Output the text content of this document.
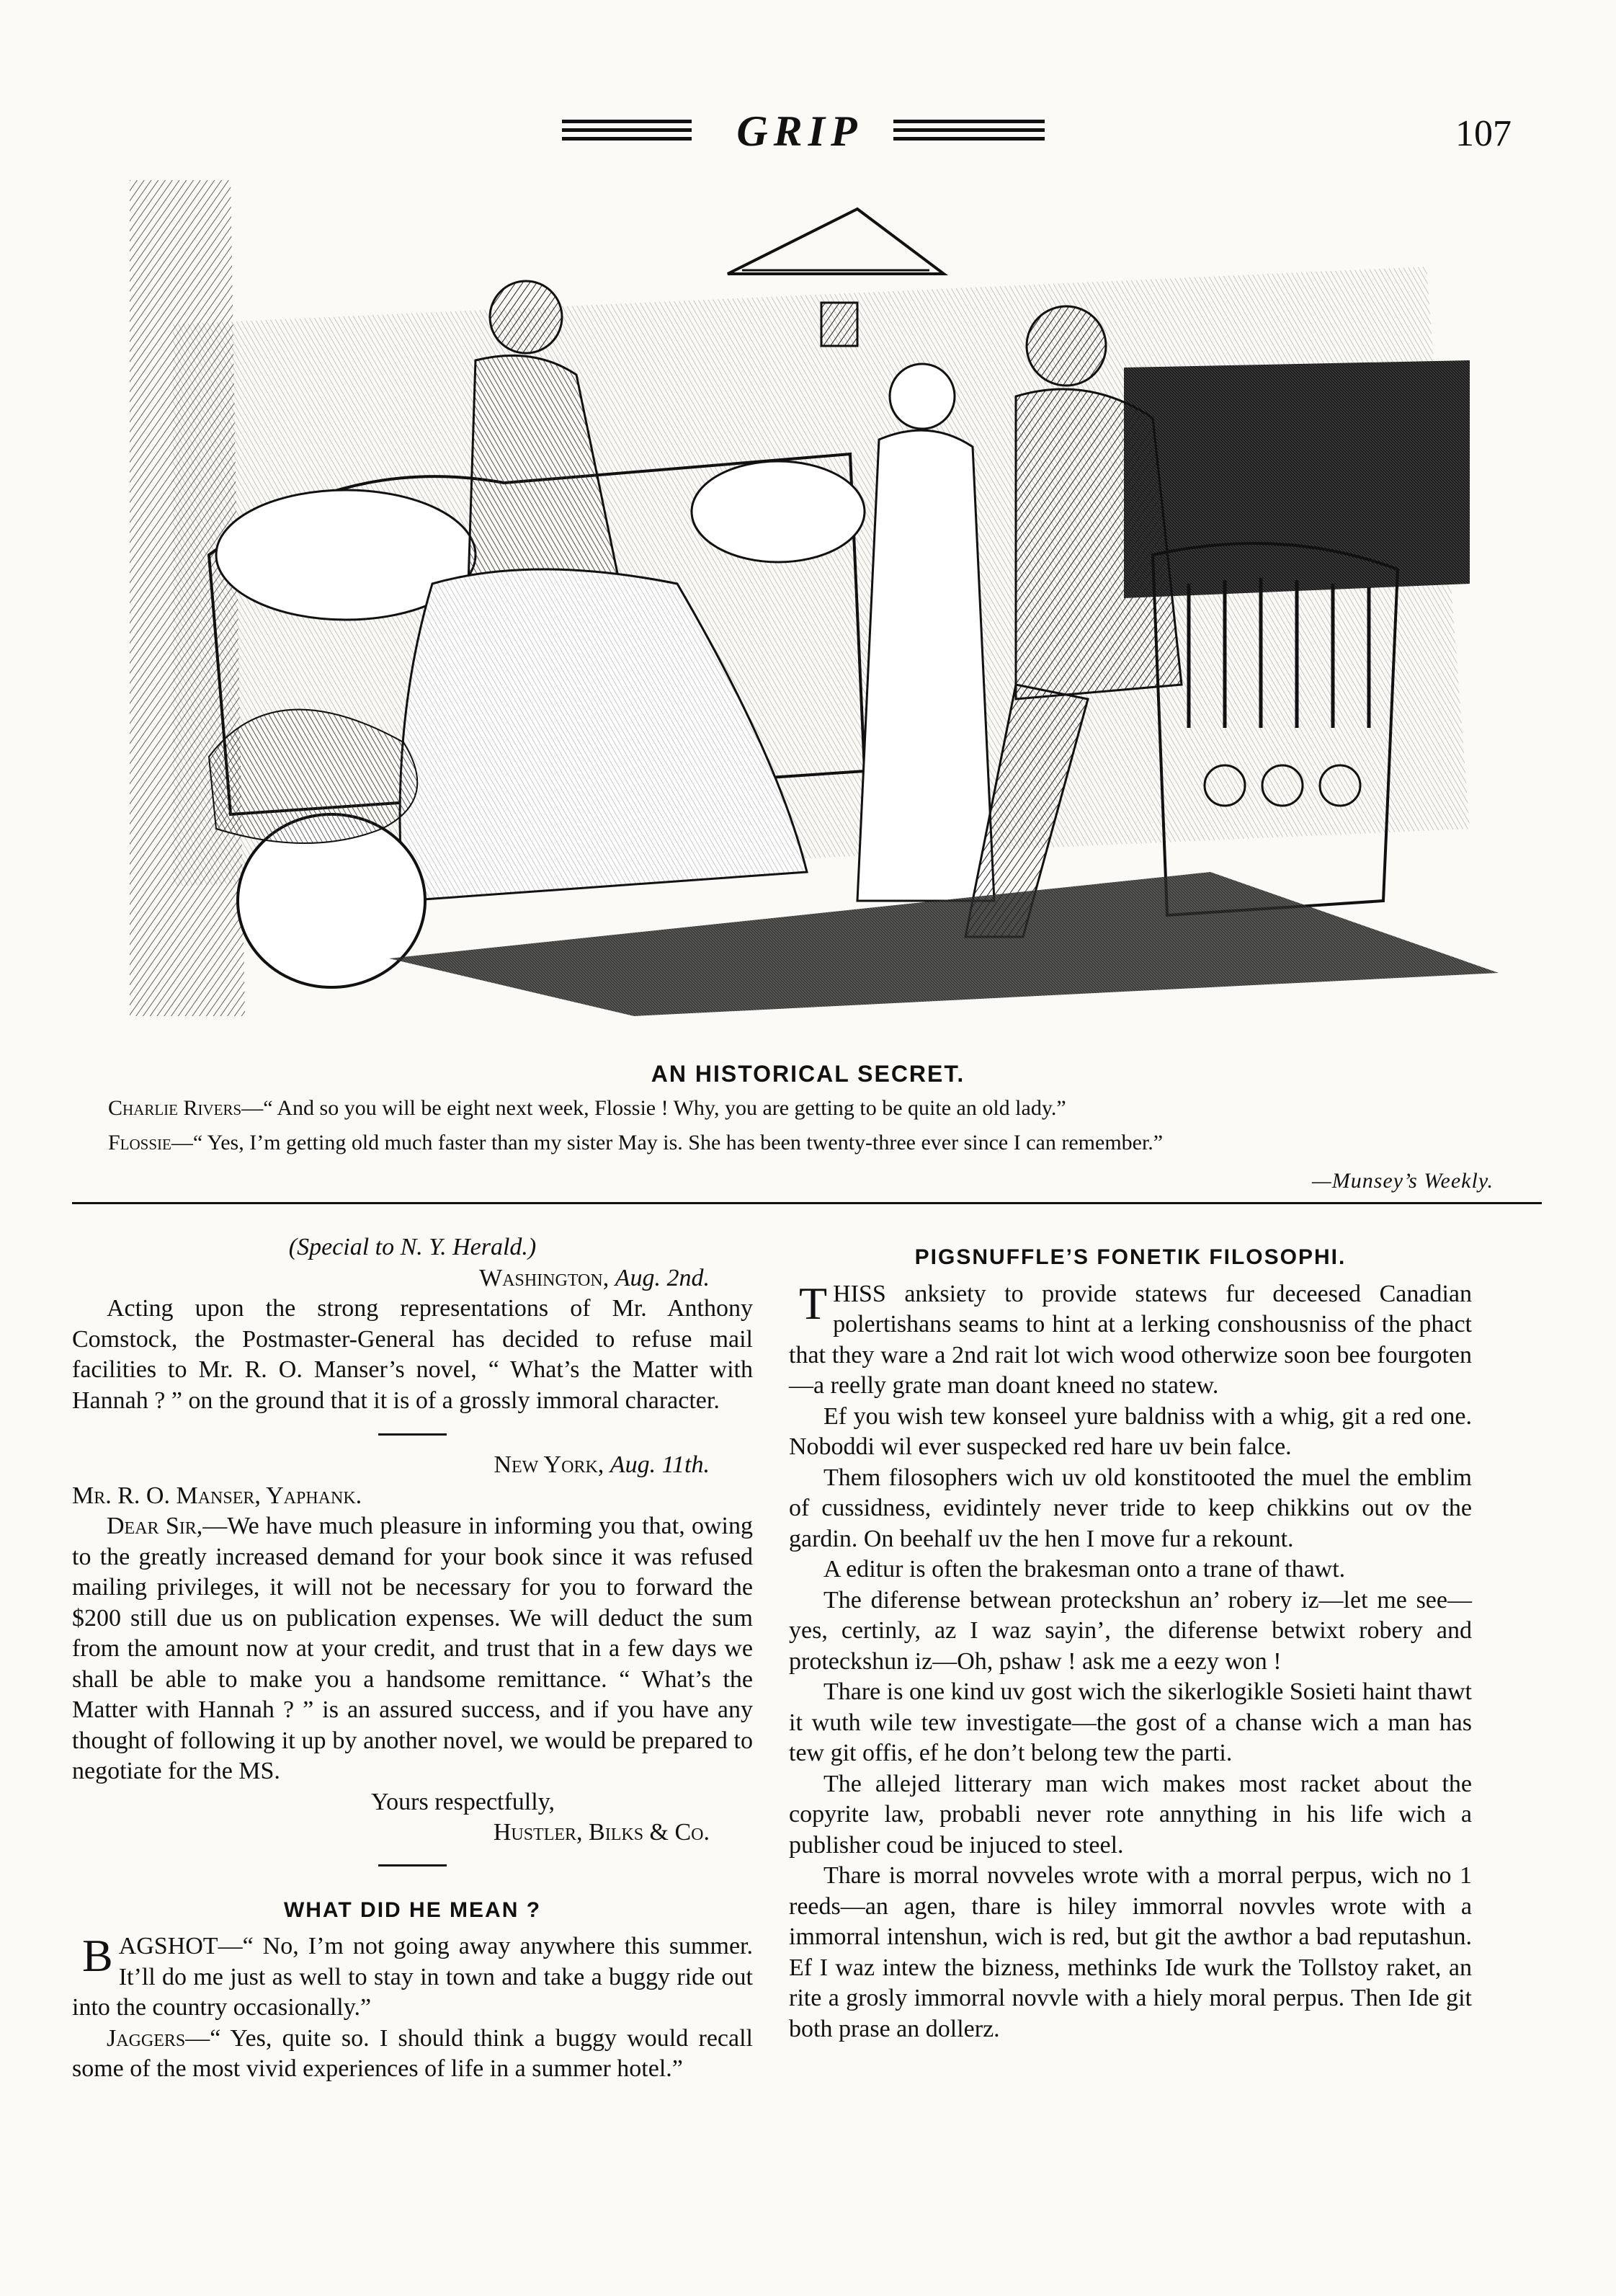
GRIP	107
AN HISTORICAL SECRET.
Charlie Rivers—“ And so you will be eight next week, Flossie ! Why, you are getting to be quite an old lady.”
Flossie—“ Yes, I’m getting old much faster than my sister May is. She has been twenty-three ever since I can remember.”
—Munsey’s Weekly.

(Special to N. Y. Herald.)

Washington, Aug. 2nd.

Acting upon the strong representations of Mr. Anthony Comstock, the Postmaster-General has decided to refuse mail facilities to Mr. R. O. Manser’s novel, “ What’s the Matter with Hannah ? ” on the ground that it is of a grossly immoral character.

New York, Aug. 11th.

Mr. R. O. Manser, Yaphank.

Dear Sir,—We have much pleasure in informing you that, owing to the greatly increased demand for your book since it was refused mailing privileges, it will not be necessary for you to forward the $200 still due us on publication expenses. We will deduct the sum from the amount now at your credit, and trust that in a few days we shall be able to make you a handsome remittance. “ What’s the Matter with Hannah ? ” is an assured success, and if you have any thought of following it up by another novel, we would be prepared to negotiate for the MS.

Yours respectfully,

Hustler, Bilks & Co.

WHAT DID HE MEAN ?

BAGSHOT—“ No, I’m not going away anywhere this summer. It’ll do me just as well to stay in town and take a buggy ride out into the country occasionally.”

Jaggers—“ Yes, quite so. I should think a buggy would recall some of the most vivid experiences of life in a summer hotel.”

PIGSNUFFLE’S FONETIK FILOSOPHI.

THISS anksiety to provide statews fur deceesed Canadian polertishans seams to hint at a lerking conshousniss of the phact that they ware a 2nd rait lot wich wood otherwize soon bee fourgoten—a reelly grate man doant kneed no statew.

Ef you wish tew konseel yure baldniss with a whig, git a red one. Noboddi wil ever suspecked red hare uv bein falce.

Them filosophers wich uv old konstitooted the muel the emblim of cussidness, evidintely never tride to keep chikkins out ov the gardin. On beehalf uv the hen I move fur a rekount.

A editur is often the brakesman onto a trane of thawt.

The diferense betwean proteckshun an’ robery iz—let me see—yes, certinly, az I waz sayin’, the diferense betwixt robery and proteckshun iz—Oh, pshaw ! ask me a eezy won !

Thare is one kind uv gost wich the sikerlogikle Sosieti haint thawt it wuth wile tew investigate—the gost of a chanse wich a man has tew git offis, ef he don’t belong tew the parti.

The allejed litterary man wich makes most racket about the copyrite law, probabli never rote annything in his life wich a publisher coud be injuced to steel.

Thare is morral novveles wrote with a morral perpus, wich no 1 reeds—an agen, thare is hiley immorral novvles wrote with a immorral intenshun, wich is red, but git the awthor a bad reputashun. Ef I waz intew the bizness, methinks Ide wurk the Tollstoy raket, an rite a grosly immorral novvle with a hiely moral perpus. Then Ide git both prase an dollerz.
